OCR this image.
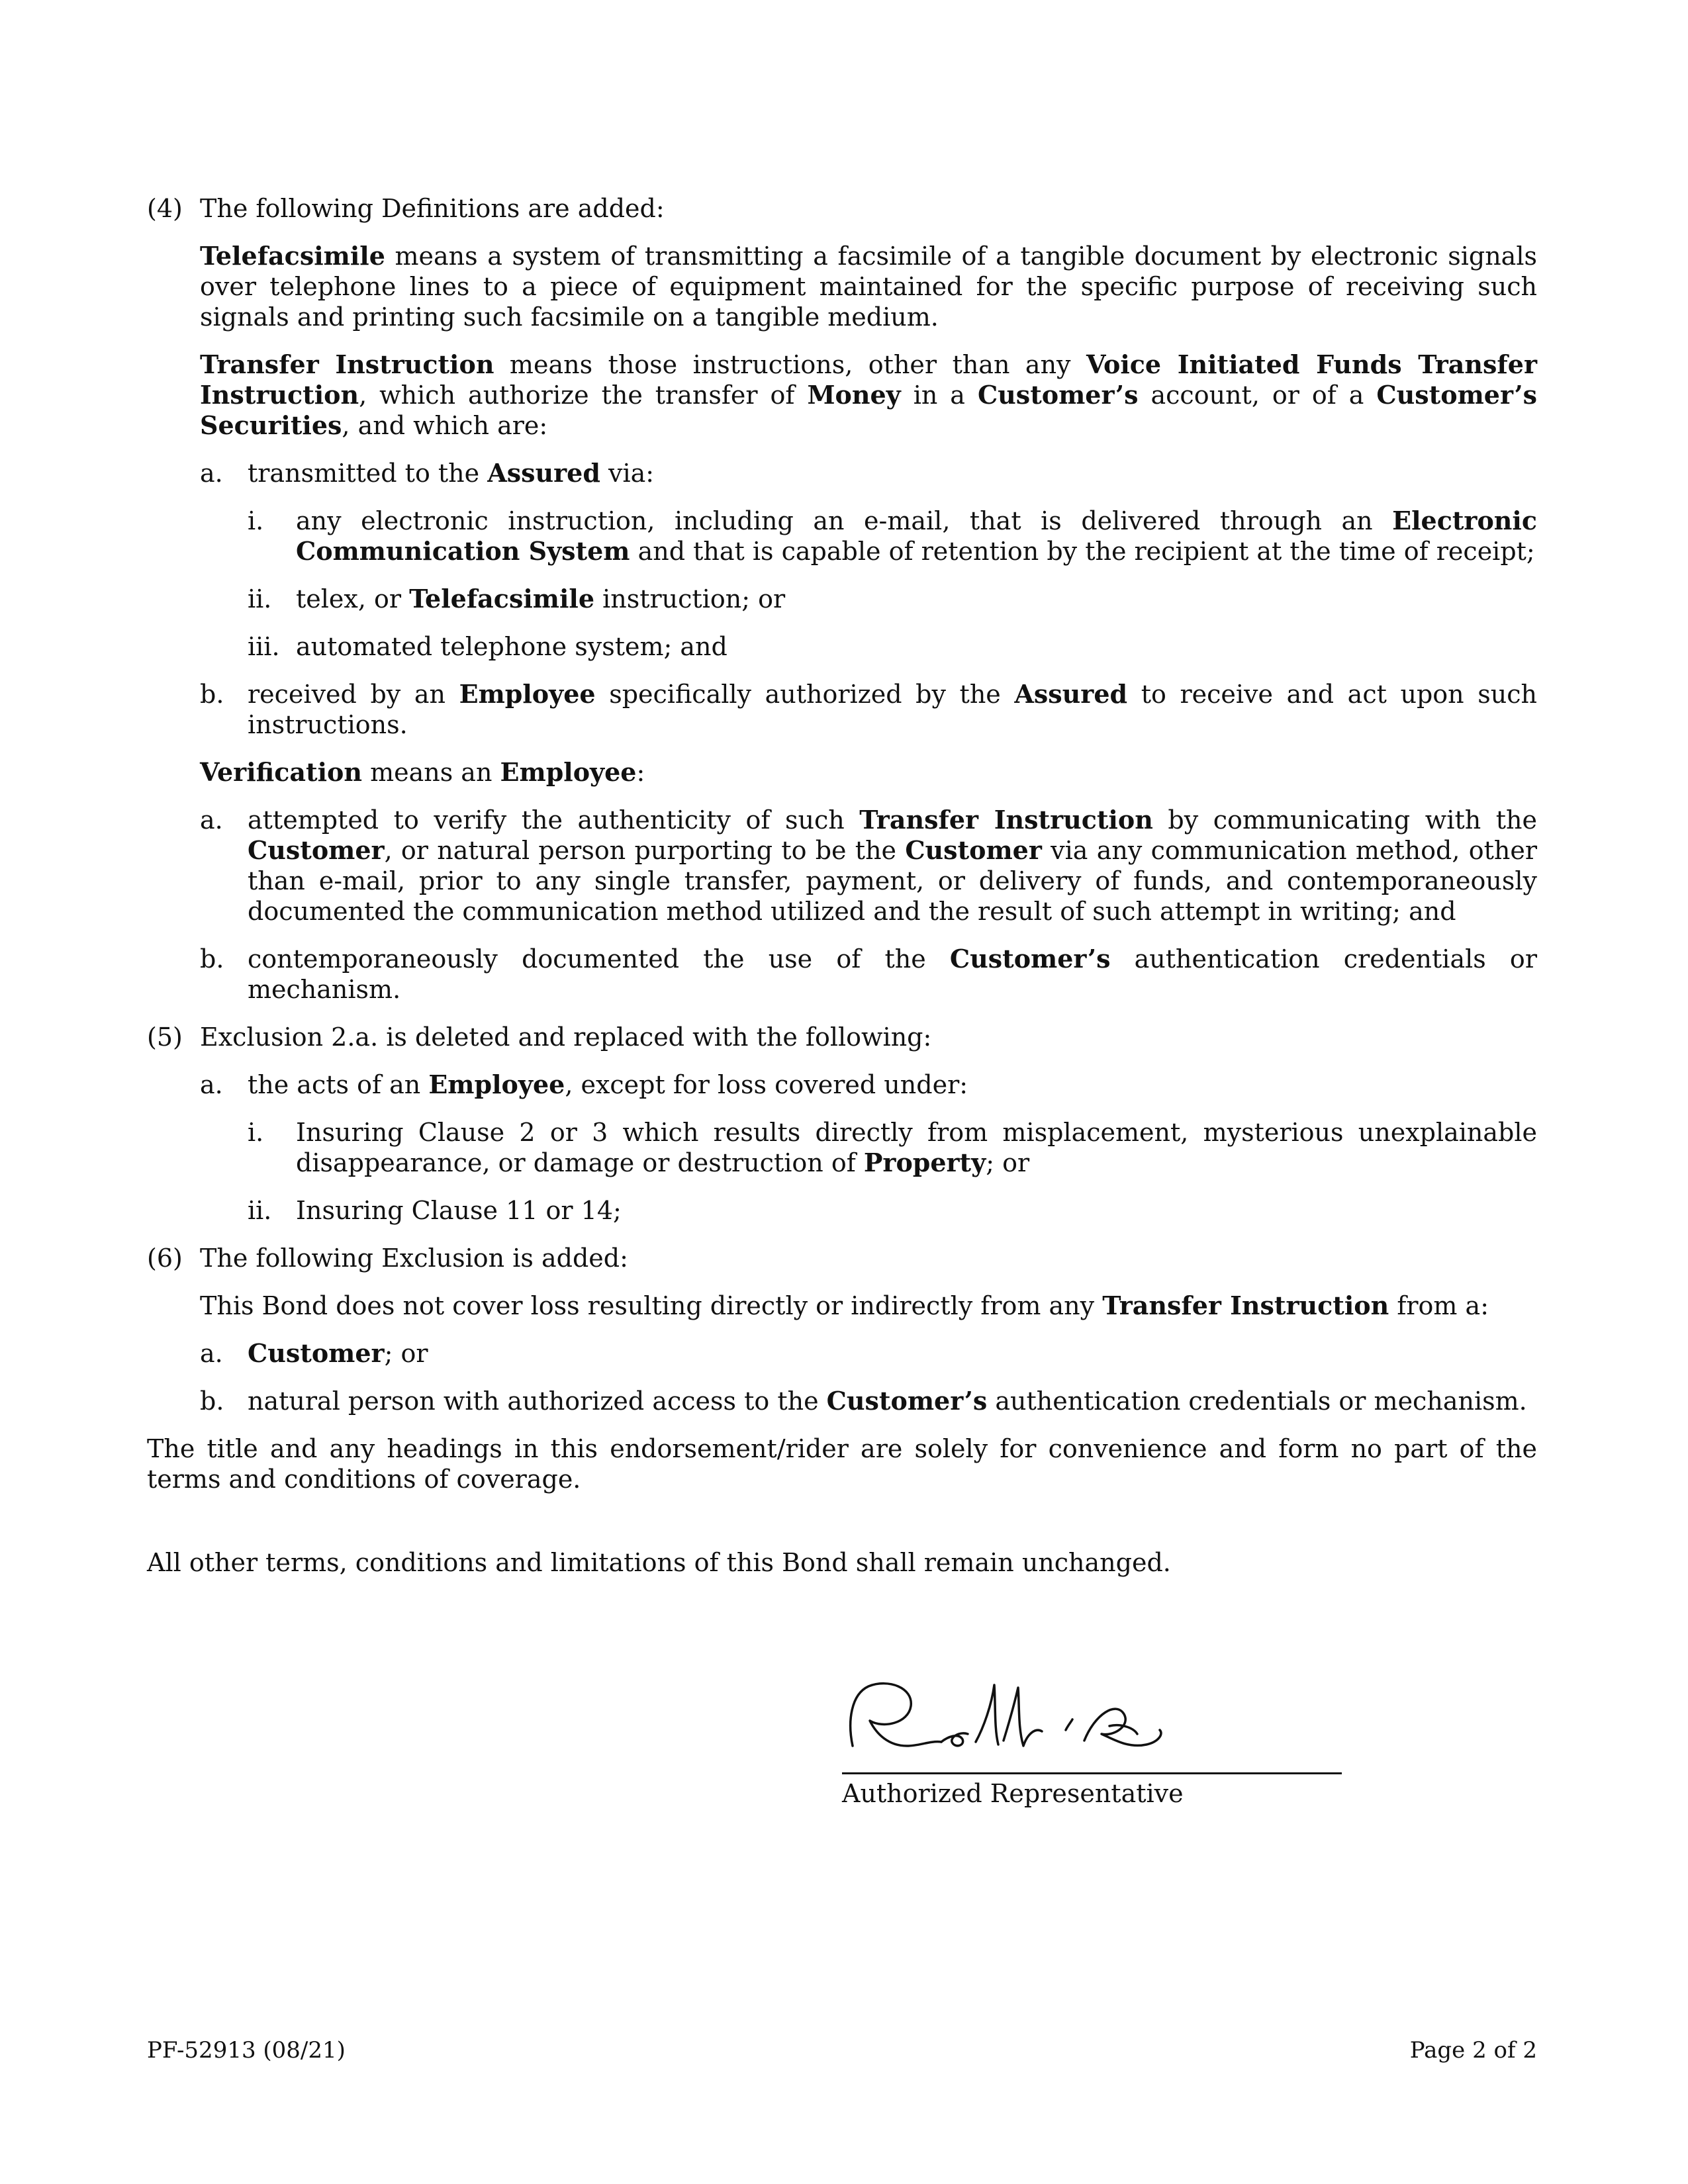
(4) The following Definitions are added:

Telefacsimile means a system of transmitting a facsimile of a tangible document by electronic signals over telephone lines to a piece of equipment maintained for the specific purpose of receiving such signals and printing such facsimile on a tangible medium.

Transfer Instruction means those instructions, other than any Voice Initiated Funds Transfer Instruction, which authorize the transfer of Money in a Customer’s account, or of a Customer’s Securities, and which are:

a. transmitted to the Assured via:
i. any electronic instruction, including an e-mail, that is delivered through an Electronic Communication System and that is capable of retention by the recipient at the time of receipt;
ii. telex, or Telefacsimile instruction; or
iii. automated telephone system; and
b. received by an Employee specifically authorized by the Assured to receive and act upon such instructions.

Verification means an Employee:

a. attempted to verify the authenticity of such Transfer Instruction by communicating with the Customer, or natural person purporting to be the Customer via any communication method, other than e-mail, prior to any single transfer, payment, or delivery of funds, and contemporaneously documented the communication method utilized and the result of such attempt in writing; and
b. contemporaneously documented the use of the Customer’s authentication credentials or mechanism.
(5) Exclusion 2.a. is deleted and replaced with the following:
a. the acts of an Employee, except for loss covered under:
i. Insuring Clause 2 or 3 which results directly from misplacement, mysterious unexplainable disappearance, or damage or destruction of Property; or
ii. Insuring Clause 11 or 14;
(6) The following Exclusion is added:

This Bond does not cover loss resulting directly or indirectly from any Transfer Instruction from a:

a. Customer; or
b. natural person with authorized access to the Customer’s authentication credentials or mechanism.

The title and any headings in this endorsement/rider are solely for convenience and form no part of the terms and conditions of coverage.

All other terms, conditions and limitations of this Bond shall remain unchanged.

Authorized Representative
PF-52913 (08/21)	Page 2 of 2
